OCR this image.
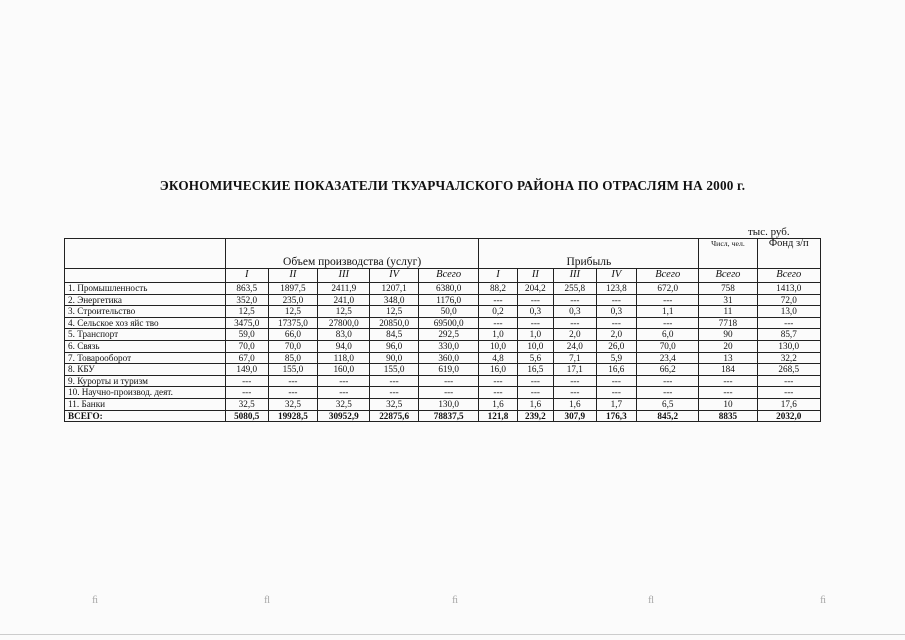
ЭКОНОМИЧЕСКИЕ ПОКАЗАТЕЛИ ТКУАРЧАЛСКОГО РАЙОНА ПО ОТРАСЛЯМ НА 2000 г.
тыс. руб.
	Объем производства (услуг)					Прибыль					Числ, чел.	Фонд з/п
	I	II	III	IV	Всего	I	II	III	IV	Всего	Всего	Всего
1. Промышленность	863,5	1897,5	2411,9	1207,1	6380,0	88,2	204,2	255,8	123,8	672,0	758	1413,0
2. Энергетика	352,0	235,0	241,0	348,0	1176,0	---	---	---	---	---	31	72,0
3. Строительство	12,5	12,5	12,5	12,5	50,0	0,2	0,3	0,3	0,3	1,1	11	13,0
4. Сельское хоз яйс тво	3475,0	17375,0	27800,0	20850,0	69500,0	---	---	---	---	---	7718	---
5. Транспорт	59,0	66,0	83,0	84,5	292,5	1,0	1,0	2,0	2,0	6,0	90	85,7
6. Связь	70,0	70,0	94,0	96,0	330,0	10,0	10,0	24,0	26,0	70,0	20	130,0
7. Товарооборот	67,0	85,0	118,0	90,0	360,0	4,8	5,6	7,1	5,9	23,4	13	32,2
8. КБУ	149,0	155,0	160,0	155,0	619,0	16,0	16,5	17,1	16,6	66,2	184	268,5
9. Курорты и туризм	---	---	---	---	---	---	---	---	---	---	---	---
10. Научно-производ. деят.	---	---	---	---	---	---	---	---	---	---	---	---
11. Банки	32,5	32,5	32,5	32,5	130,0	1,6	1,6	1,6	1,7	6,5	10	17,6
ВСЕГО:	5080,5	19928,5	30952,9	22875,6	78837,5	121,8	239,2	307,9	176,3	845,2	8835	2032,0
ﬁ	ﬂ	ﬁ	ﬂ	ﬁ
